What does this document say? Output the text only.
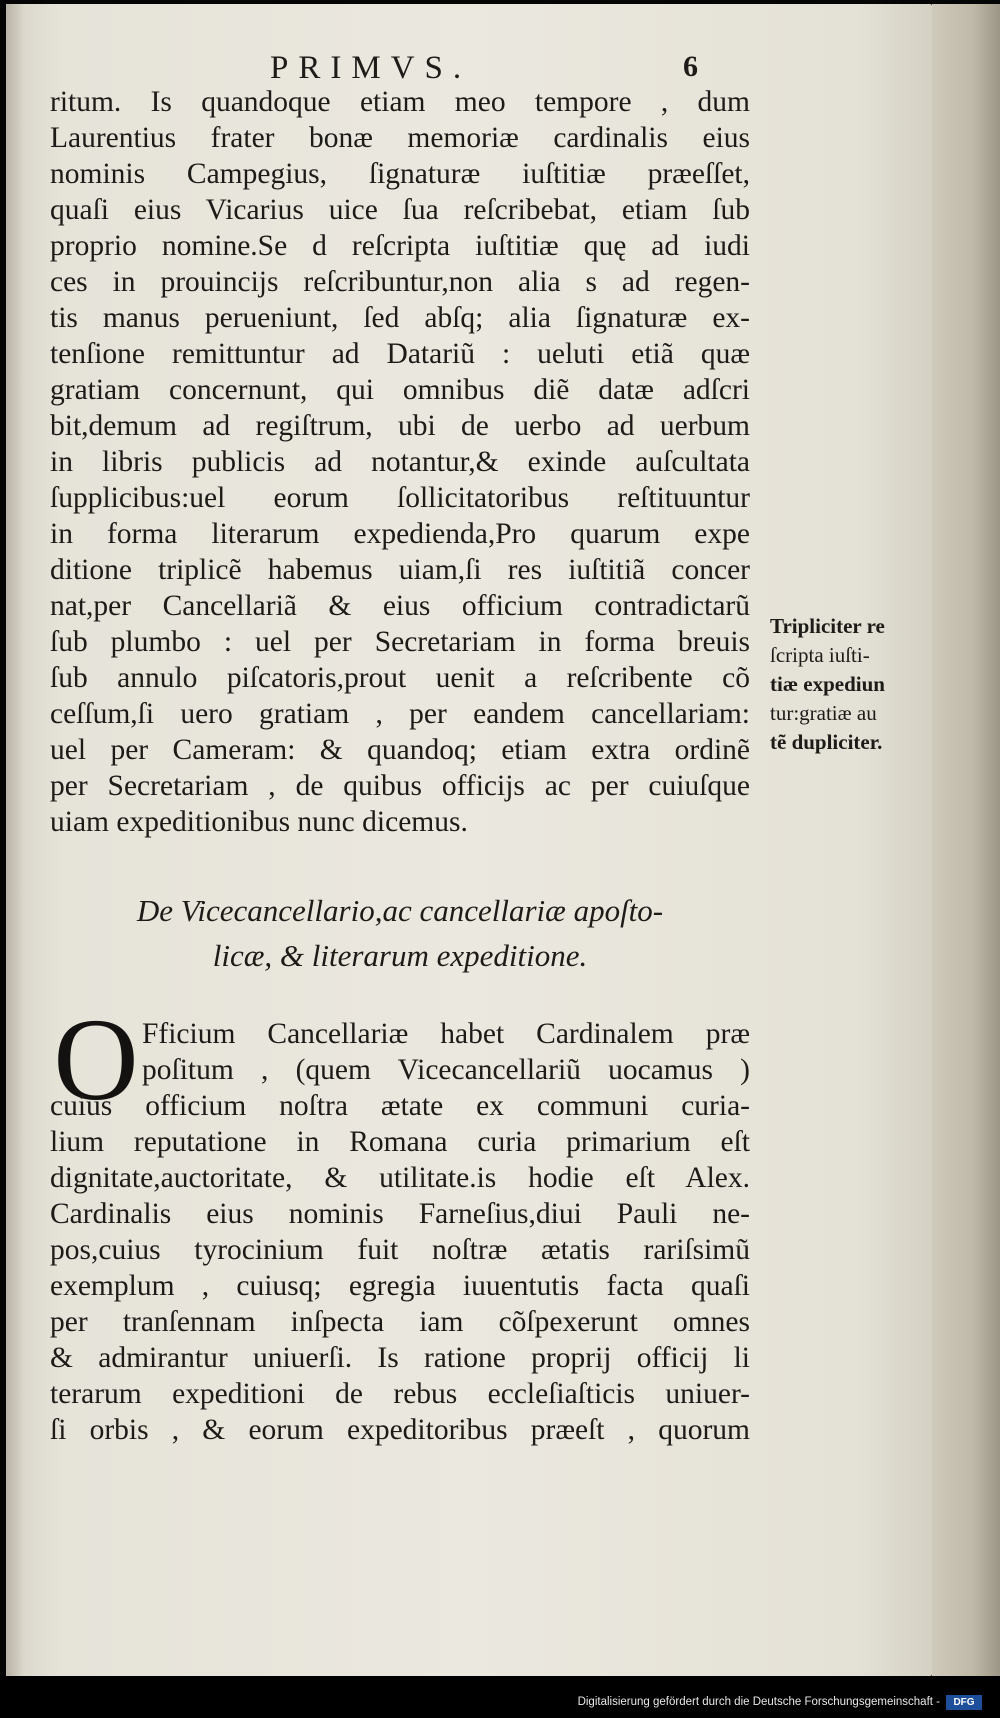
PRIMVS.	6
ritum. Is quandoque etiam meo tempore , dum
Laurentius frater bonæ memoriæ cardinalis eius
nominis Campegius, ſignaturæ iuſtitiæ præeſſet,
quaſi eius Vicarius uice ſua reſcribebat, etiam ſub
proprio nomine.Se d reſcripta iuſtitiæ quę ad iudi
ces in prouincijs reſcribuntur,non alia s ad regen-
tis manus perueniunt, ſed abſq; alia ſignaturæ ex-
tenſione remittuntur ad Datariũ : ueluti etiã quæ
gratiam concernunt, qui omnibus diẽ datæ adſcri
bit,demum ad regiſtrum, ubi de uerbo ad uerbum
in libris publicis ad notantur,& exinde auſcultata
ſupplicibus:uel eorum ſollicitatoribus reſtituuntur
in forma literarum expedienda,Pro quarum expe
ditione triplicẽ habemus uiam,ſi res iuſtitiã concer
nat,per Cancellariã & eius officium contradictarũ
ſub plumbo : uel per Secretariam in forma breuis
ſub annulo piſcatoris,prout uenit a reſcribente cõ
ceſſum,ſi uero gratiam , per eandem cancellariam:
uel per Cameram: & quandoq; etiam extra ordinẽ
per Secretariam , de quibus officijs ac per cuiuſque
uiam expeditionibus nunc dicemus.
Tripliciter re
ſcripta iuſti-
tiæ expediun
tur:gratiæ au
tẽ dupliciter.
De Vicecancellario,ac cancellariæ apoſto-
licæ, & literarum expeditione.
O Fficium Cancellariæ habet Cardinalem præ
poſitum , (quem Vicecancellariũ uocamus )
cuius officium noſtra ætate ex communi curia-
lium reputatione in Romana curia primarium eſt
dignitate,auctoritate, & utilitate.is hodie eſt Alex.
Cardinalis eius nominis Farneſius,diui Pauli ne-
pos,cuius tyrocinium fuit noſtræ ætatis rariſsimũ
exemplum , cuiusq; egregia iuuentutis facta quaſi
per tranſennam inſpecta iam cõſpexerunt omnes
& admirantur uniuerſi. Is ratione proprij officij li
terarum expeditioni de rebus eccleſiaſticis uniuer-
ſi orbis , & eorum expeditoribus præeſt , quorum
Digitalisierung gefördert durch die Deutsche Forschungsgemeinschaft -	DFG
